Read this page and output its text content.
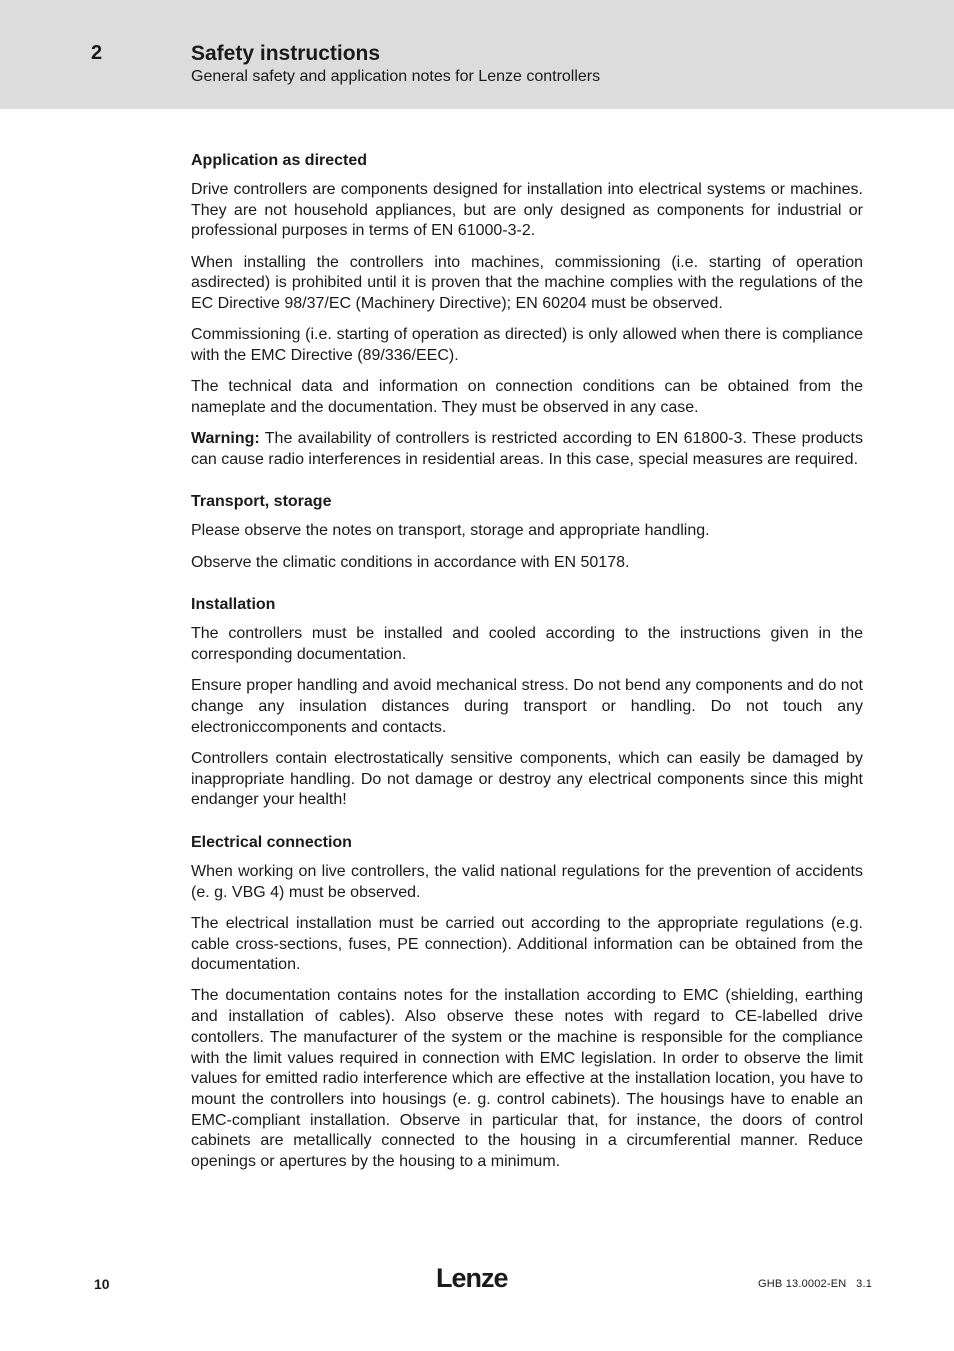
2	Safety instructions
General safety and application notes for Lenze controllers
Application as directed

Drive controllers are components designed for installation into electrical systems or machines. They are not household appliances, but are only designed as components for industrial or professional purposes in terms of EN 61000-3-2.

When installing the controllers into machines, commissioning (i.e. starting of operation asdirected) is prohibited until it is proven that the machine complies with the regulations of the EC Directive 98/37/EC (Machinery Directive); EN 60204 must be observed.

Commissioning (i.e. starting of operation as directed) is only allowed when there is compliance with the EMC Directive (89/336/EEC).

The technical data and information on connection conditions can be obtained from the nameplate and the documentation. They must be observed in any case.

Warning: The availability of controllers is restricted according to EN 61800-3. These products can cause radio interferences in residential areas. In this case, special measures are required.

Transport, storage

Please observe the notes on transport, storage and appropriate handling.

Observe the climatic conditions in accordance with EN 50178.

Installation

The controllers must be installed and cooled according to the instructions given in the corresponding documentation.

Ensure proper handling and avoid mechanical stress. Do not bend any components and do not change any insulation distances during transport or handling. Do not touch any electroniccomponents and contacts.

Controllers contain electrostatically sensitive components, which can easily be damaged by inappropriate handling. Do not damage or destroy any electrical components since this might endanger your health!

Electrical connection

When working on live controllers, the valid national regulations for the prevention of accidents (e. g. VBG 4) must be observed.

The electrical installation must be carried out according to the appropriate regulations (e.g. cable cross-sections, fuses, PE connection). Additional information can be obtained from the documentation.

The documentation contains notes for the installation according to EMC (shielding, earthing and installation of cables). Also observe these notes with regard to CE-labelled drive contollers. The manufacturer of the system or the machine is responsible for the compliance with the limit values required in connection with EMC legislation. In order to observe the limit values for emitted radio interference which are effective at the installation location, you have to mount the controllers into housings (e. g. control cabinets). The housings have to enable an EMC-compliant installation. Observe in particular that, for instance, the doors of control cabinets are metallically connected to the housing in a circumferential manner. Reduce openings or apertures by the housing to a minimum.

10	Lenze	GHB 13.0002-EN   3.1
